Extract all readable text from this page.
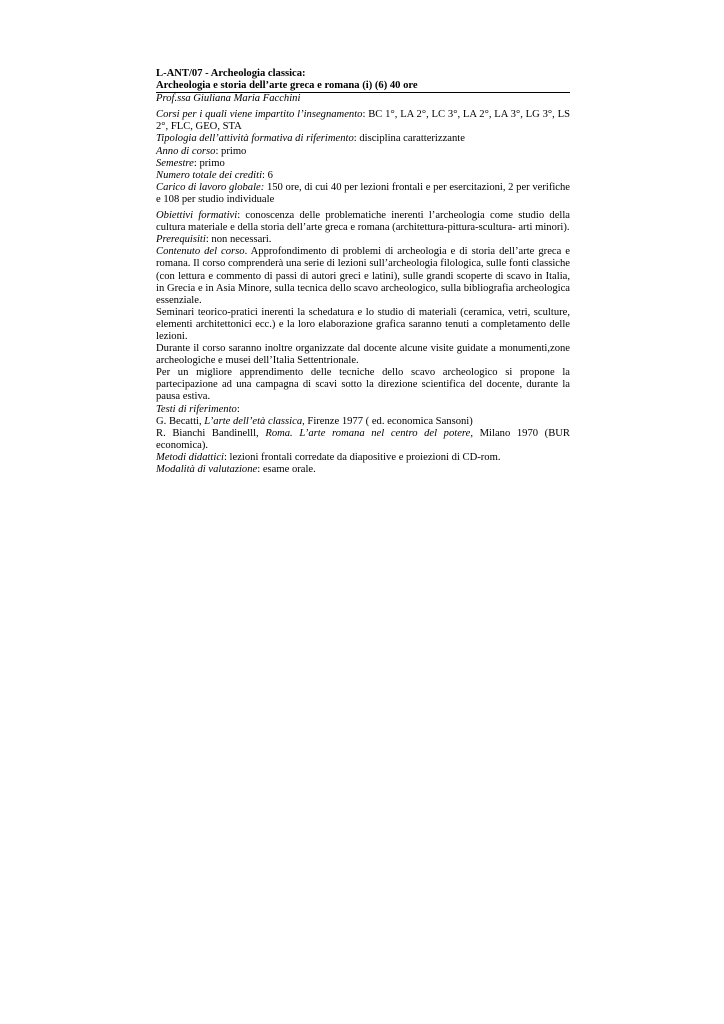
L-ANT/07 - Archeologia classica:
Archeologia e storia dell’arte greca e romana (i) (6) 40 ore
Prof.ssa Giuliana Maria Facchini

Corsi per i quali viene impartito l’insegnamento: BC 1°, LA 2°, LC 3°, LA 2°, LA 3°, LG 3°, LS 2°, FLC, GEO, STA

Tipologia dell’attività formativa di riferimento: disciplina caratterizzante

Anno di corso: primo

Semestre: primo

Numero totale dei crediti: 6

Carico di lavoro globale: 150 ore, di cui 40 per lezioni frontali e per esercitazioni, 2 per verifiche e 108 per studio individuale

Obiettivi formativi: conoscenza delle problematiche inerenti l’archeologia come studio della cultura materiale e della storia dell’arte greca e romana (architettura-pittura-scultura- arti minori).

Prerequisiti: non necessari.

Contenuto del corso. Approfondimento di problemi di archeologia e di storia dell’arte greca e romana. Il corso comprenderà una serie di lezioni sull’archeologia filologica, sulle fonti classiche (con lettura e commento di passi di autori greci e latini), sulle grandi scoperte di scavo in Italia, in Grecia e in Asia Minore, sulla tecnica dello scavo archeologico, sulla bibliografia archeologica essenziale.

Seminari teorico-pratici inerenti la schedatura e lo studio di materiali (ceramica, vetri, sculture, elementi architettonici ecc.) e la loro elaborazione grafica saranno tenuti a completamento delle lezioni.

Durante il corso saranno inoltre organizzate dal docente alcune visite guidate a monumenti,zone archeologiche e musei dell’Italia Settentrionale.

Per un migliore apprendimento delle tecniche dello scavo archeologico si propone la partecipazione ad una campagna di scavi sotto la direzione scientifica del docente, durante la pausa estiva.

Testi di riferimento:

G. Becatti, L’arte dell’età classica, Firenze 1977 ( ed. economica Sansoni)

R. Bianchi Bandinelll, Roma. L’arte romana nel centro del potere, Milano 1970 (BUR economica).

Metodi didattici: lezioni frontali corredate da diapositive e proiezioni di CD-rom.

Modalità di valutazione: esame orale.
